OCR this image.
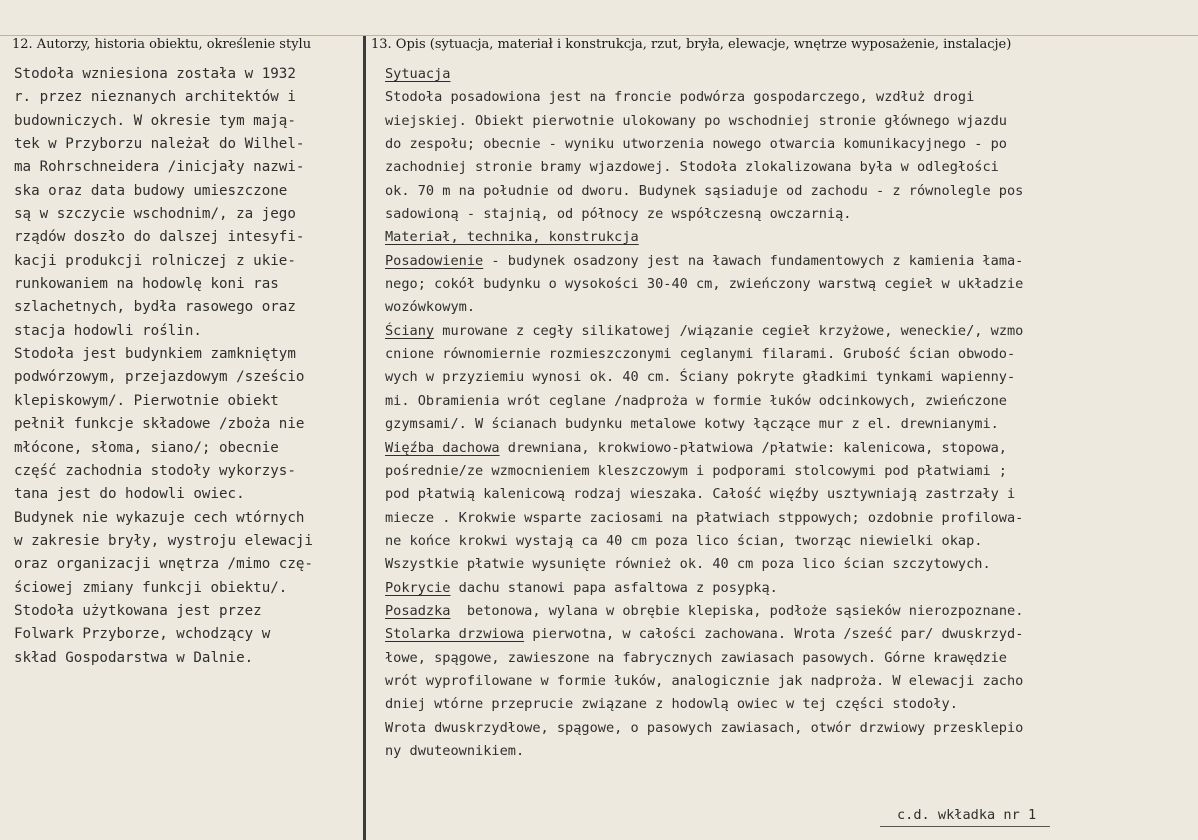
12. Autorzy, historia obiektu, określenie stylu	13. Opis (sytuacja, materiał i konstrukcja, rzut, bryła, elewacje, wnętrze wyposażenie, instalacje)
Stodoła wzniesiona została w 1932
r. przez nieznanych architektów i
budowniczych. W okresie tym mają-
tek w Przyborzu należał do Wilhel-
ma Rohrschneidera /inicjały nazwi-
ska oraz data budowy umieszczone
są w szczycie wschodnim/, za jego
rządów doszło do dalszej intesyfi-
kacji produkcji rolniczej z ukie-
runkowaniem na hodowlę koni ras
szlachetnych, bydła rasowego oraz
stacja hodowli roślin.
Stodoła jest budynkiem zamkniętym
podwórzowym, przejazdowym /sześcio
klepiskowym/. Pierwotnie obiekt
pełnił funkcje składowe /zboża nie
młócone, słoma, siano/; obecnie
część zachodnia stodoły wykorzys-
tana jest do hodowli owiec.
Budynek nie wykazuje cech wtórnych
w zakresie bryły, wystroju elewacji
oraz organizacji wnętrza /mimo czę-
ściowej zmiany funkcji obiektu/.
Stodoła użytkowana jest przez
Folwark Przyborze, wchodzący w
skład Gospodarstwa w Dalnie.
Sytuacja
Stodoła posadowiona jest na froncie podwórza gospodarczego, wzdłuż drogi
wiejskiej. Obiekt pierwotnie ulokowany po wschodniej stronie głównego wjazdu
do zespołu; obecnie - wyniku utworzenia nowego otwarcia komunikacyjnego - po
zachodniej stronie bramy wjazdowej. Stodoła zlokalizowana była w odległości
ok. 70 m na południe od dworu. Budynek sąsiaduje od zachodu - z równolegle pos
sadowioną - stajnią, od północy ze współczesną owczarnią.
Materiał, technika, konstrukcja
Posadowienie - budynek osadzony jest na ławach fundamentowych z kamienia łama-
nego; cokół budynku o wysokości 30-40 cm, zwieńczony warstwą cegieł w układzie
wozówkowym.
Ściany murowane z cegły silikatowej /wiązanie cegieł krzyżowe, weneckie/, wzmo
cnione równomiernie rozmieszczonymi ceglanymi filarami. Grubość ścian obwodo-
wych w przyziemiu wynosi ok. 40 cm. Ściany pokryte gładkimi tynkami wapienny-
mi. Obramienia wrót ceglane /nadproża w formie łuków odcinkowych, zwieńczone
gzymsami/. W ścianach budynku metalowe kotwy łączące mur z el. drewnianymi.
Więźba dachowa drewniana, krokwiowo-płatwiowa /płatwie: kalenicowa, stopowa,
pośrednie/ze wzmocnieniem kleszczowym i podporami stolcowymi pod płatwiami ;
pod płatwią kalenicową rodzaj wieszaka. Całość więźby usztywniają zastrzały i
miecze . Krokwie wsparte zaciosami na płatwiach stppowych; ozdobnie profilowa-
ne końce krokwi wystają ca 40 cm poza lico ścian, tworząc niewielki okap.
Wszystkie płatwie wysunięte również ok. 40 cm poza lico ścian szczytowych.
Pokrycie dachu stanowi papa asfaltowa z posypką.
Posadzka  betonowa, wylana w obrębie klepiska, podłoże sąsieków nierozpoznane.
Stolarka drzwiowa pierwotna, w całości zachowana. Wrota /sześć par/ dwuskrzyd-
łowe, spągowe, zawieszone na fabrycznych zawiasach pasowych. Górne krawędzie
wrót wyprofilowane w formie łuków, analogicznie jak nadproża. W elewacji zacho
dniej wtórne przeprucie związane z hodowlą owiec w tej części stodoły.
Wrota dwuskrzydłowe, spągowe, o pasowych zawiasach, otwór drzwiowy przesklepio
ny dwuteownikiem.
c.d. wkładka nr 1
